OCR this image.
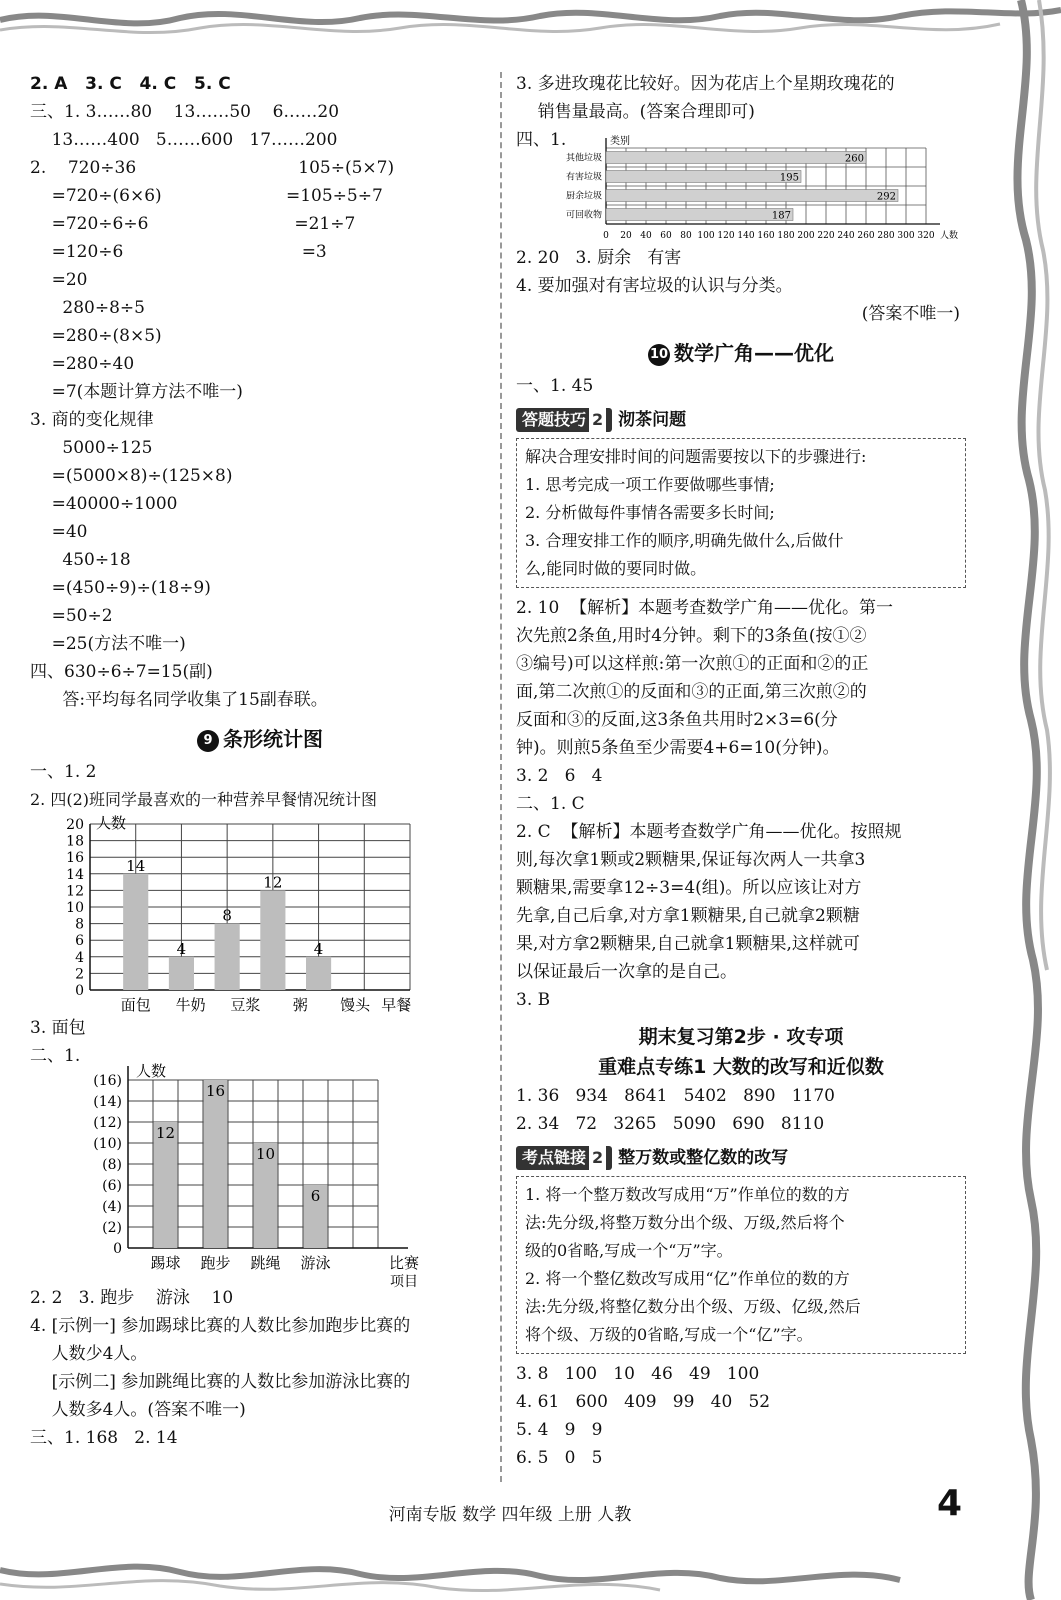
2. A   3. C   4. C   5. C
三、1. 3……80    13……50    6……20
13……400   5……600   17……200
2.    720÷36                              105÷(5×7)
=720÷(6×6)                       =105÷5÷7
=720÷6÷6                           =21÷7
=120÷6                                 =3
=20
280÷8÷5
=280÷(8×5)
=280÷40
=7(本题计算方法不唯一)
3. 商的变化规律
5000÷125
=(5000×8)÷(125×8)
=40000÷1000
=40
450÷18
=(450÷9)÷(18÷9)
=50÷2
=25(方法不唯一)
四、630÷6÷7=15(副)
答:平均每名同学收集了15副春联。
9 条形统计图
一、1. 2
2. 四(2)班同学最喜欢的一种营养早餐情况统计图
0
2
4
6
8
10
12
14
16
18
20 人数
14
4
8
12
4
面包 牛奶 豆浆 粥 馒头 早餐
3. 面包
二、1.
0
(2)
(4)
(6)
(8)
(10)
(12)
(14)
(16)
人数
12
16
10
6
踢球 跑步 跳绳 游泳	比赛
项目
2. 2   3. 跑步    游泳    10
4. [示例一] 参加踢球比赛的人数比参加跑步比赛的
人数少4人。
[示例二] 参加跳绳比赛的人数比参加游泳比赛的
人数多4人。(答案不唯一)
三、1. 168   2. 14
3. 多进玫瑰花比较好。因为花店上个星期玫瑰花的
销售量最高。(答案合理即可)
四、1.	类别
0 20 40 60 80 100 120 140 160 180 200 220 240 260 280 300 320 人数
其他垃圾	260
有害垃圾	195
厨余垃圾	292
可回收物	187
2. 20   3. 厨余   有害
4. 要加强对有害垃圾的认识与分类。
(答案不唯一)
10 数学广角——优化
一、1. 45
答题技巧 2 沏茶问题
解决合理安排时间的问题需要按以下的步骤进行:
1. 思考完成一项工作要做哪些事情;
2. 分析做每件事情各需要多长时间;
3. 合理安排工作的顺序,明确先做什么,后做什
么,能同时做的要同时做。
2. 10  【解析】本题考查数学广角——优化。第一
次先煎2条鱼,用时4分钟。剩下的3条鱼(按①②
③编号)可以这样煎:第一次煎①的正面和②的正
面,第二次煎①的反面和③的正面,第三次煎②的
反面和③的反面,这3条鱼共用时2×3=6(分
钟)。则煎5条鱼至少需要4+6=10(分钟)。
3. 2   6   4
二、1. C
2. C  【解析】本题考查数学广角——优化。按照规
则,每次拿1颗或2颗糖果,保证每次两人一共拿3
颗糖果,需要拿12÷3=4(组)。所以应该让对方
先拿,自己后拿,对方拿1颗糖果,自己就拿2颗糖
果,对方拿2颗糖果,自己就拿1颗糖果,这样就可
以保证最后一次拿的是自己。
3. B
期末复习第2步 · 攻专项
重难点专练1 大数的改写和近似数
1. 36   934   8641   5402   890   1170
2. 34   72   3265   5090   690   8110
考点链接 2 整万数或整亿数的改写
1. 将一个整万数改写成用“万”作单位的数的方
法:先分级,将整万数分出个级、万级,然后将个
级的0省略,写成一个“万”字。
2. 将一个整亿数改写成用“亿”作单位的数的方
法:先分级,将整亿数分出个级、万级、亿级,然后
将个级、万级的0省略,写成一个“亿”字。
3. 8   100   10   46   49   100
4. 61   600   409   99   40   52
5. 4   9   9
6. 5   0   5
河南专版 数学 四年级 上册 人教	4
